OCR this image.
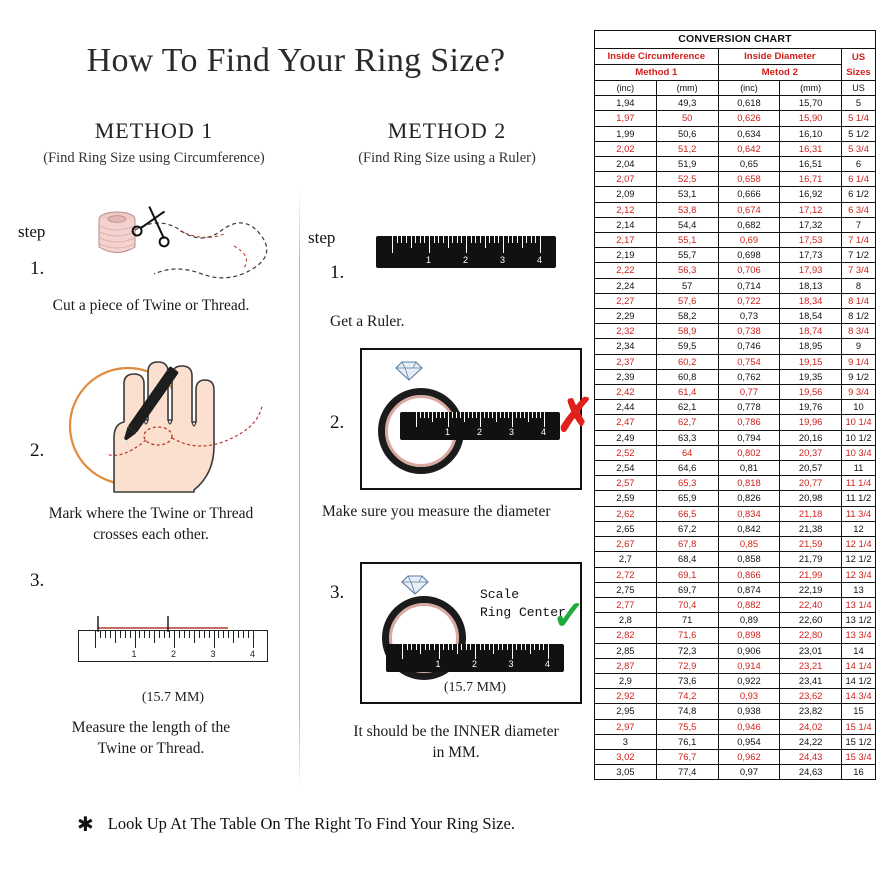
How To Find Your Ring Size?
METHOD 1
(Find Ring Size using Circumference)
step
1.
Cut a piece of Twine or Thread.
2.
Mark where the Twine or Thread
crosses each other.
3.
1	2	3	4
(15.7 MM)
Measure the length of the
Twine or Thread.
METHOD 2
(Find Ring Size using a Ruler)
step
1.
1	2	3	4
Get a Ruler.
2.	1	2	3	4 ✗
Make sure you measure the diameter
3.
1	2	3	4
Scale
Ring Center
✓
(15.7 MM)
It should be the INNER diameter
in MM.
✱ Look Up At The Table On The Right To Find Your Ring Size.
CONVERSION CHART				
Inside Circumference		Inside Diameter		US Sizes
Method 1		Metod 2		
(inc)	(mm)	(inc)	(mm)	US
1,94	49,3	0,618	15,70	5
1,97	50	0,626	15,90	5 1/4
1,99	50,6	0,634	16,10	5 1/2
2,02	51,2	0,642	16,31	5 3/4
2,04	51,9	0,65	16,51	6
2,07	52,5	0,658	16,71	6 1/4
2,09	53,1	0,666	16,92	6 1/2
2,12	53,8	0,674	17,12	6 3/4
2,14	54,4	0,682	17,32	7
2,17	55,1	0,69	17,53	7 1/4
2,19	55,7	0,698	17,73	7 1/2
2,22	56,3	0,706	17,93	7 3/4
2,24	57	0,714	18,13	8
2,27	57,6	0,722	18,34	8 1/4
2,29	58,2	0,73	18,54	8 1/2
2,32	58,9	0,738	18,74	8 3/4
2,34	59,5	0,746	18,95	9
2,37	60,2	0,754	19,15	9 1/4
2,39	60,8	0,762	19,35	9 1/2
2,42	61,4	0,77	19,56	9 3/4
2,44	62,1	0,778	19,76	10
2,47	62,7	0,786	19,96	10 1/4
2,49	63,3	0,794	20,16	10 1/2
2,52	64	0,802	20,37	10 3/4
2,54	64,6	0,81	20,57	11
2,57	65,3	0,818	20,77	11 1/4
2,59	65,9	0,826	20,98	11 1/2
2,62	66,5	0,834	21,18	11 3/4
2,65	67,2	0,842	21,38	12
2,67	67,8	0,85	21,59	12 1/4
2,7	68,4	0,858	21,79	12 1/2
2,72	69,1	0,866	21,99	12 3/4
2,75	69,7	0,874	22,19	13
2,77	70,4	0,882	22,40	13 1/4
2,8	71	0,89	22,60	13 1/2
2,82	71,6	0,898	22,80	13 3/4
2,85	72,3	0,906	23,01	14
2,87	72,9	0,914	23,21	14 1/4
2,9	73,6	0,922	23,41	14 1/2
2,92	74,2	0,93	23,62	14 3/4
2,95	74,8	0,938	23,82	15
2,97	75,5	0,946	24,02	15 1/4
3	76,1	0,954	24,22	15 1/2
3,02	76,7	0,962	24,43	15 3/4
3,05	77,4	0,97	24,63	16
